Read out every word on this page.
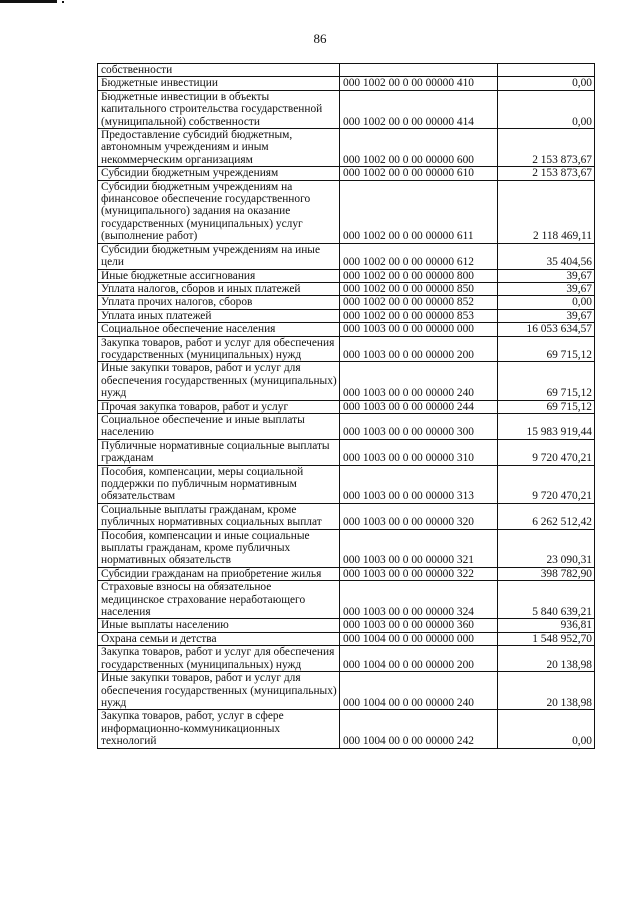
86
собственности		
Бюджетные инвестиции	000 1002 00 0 00 00000 410	0,00
Бюджетные инвестиции в объекты капитального строительства государственной (муниципальной) собственности	000 1002 00 0 00 00000 414	0,00
Предоставление субсидий бюджетным, автономным учреждениям и иным некоммерческим организациям	000 1002 00 0 00 00000 600	2 153 873,67
Субсидии бюджетным учреждениям	000 1002 00 0 00 00000 610	2 153 873,67
Субсидии бюджетным учреждениям на финансовое обеспечение государственного (муниципального) задания на оказание государственных (муниципальных) услуг (выполнение работ)	000 1002 00 0 00 00000 611	2 118 469,11
Субсидии бюджетным учреждениям на иные цели	000 1002 00 0 00 00000 612	35 404,56
Иные бюджетные ассигнования	000 1002 00 0 00 00000 800	39,67
Уплата налогов, сборов и иных платежей	000 1002 00 0 00 00000 850	39,67
Уплата прочих налогов, сборов	000 1002 00 0 00 00000 852	0,00
Уплата иных платежей	000 1002 00 0 00 00000 853	39,67
Социальное обеспечение населения	000 1003 00 0 00 00000 000	16 053 634,57
Закупка товаров, работ и услуг для обеспечения государственных (муниципальных) нужд	000 1003 00 0 00 00000 200	69 715,12
Иные закупки товаров, работ и услуг для обеспечения государственных (муниципальных) нужд	000 1003 00 0 00 00000 240	69 715,12
Прочая закупка товаров, работ и услуг	000 1003 00 0 00 00000 244	69 715,12
Социальное обеспечение и иные выплаты населению	000 1003 00 0 00 00000 300	15 983 919,44
Публичные нормативные социальные выплаты гражданам	000 1003 00 0 00 00000 310	9 720 470,21
Пособия, компенсации, меры социальной поддержки по публичным нормативным обязательствам	000 1003 00 0 00 00000 313	9 720 470,21
Социальные выплаты гражданам, кроме публичных нормативных социальных выплат	000 1003 00 0 00 00000 320	6 262 512,42
Пособия, компенсации и иные социальные выплаты гражданам, кроме публичных нормативных обязательств	000 1003 00 0 00 00000 321	23 090,31
Субсидии гражданам на приобретение жилья	000 1003 00 0 00 00000 322	398 782,90
Страховые взносы на обязательное медицинское страхование неработающего населения	000 1003 00 0 00 00000 324	5 840 639,21
Иные выплаты населению	000 1003 00 0 00 00000 360	936,81
Охрана семьи и детства	000 1004 00 0 00 00000 000	1 548 952,70
Закупка товаров, работ и услуг для обеспечения государственных (муниципальных) нужд	000 1004 00 0 00 00000 200	20 138,98
Иные закупки товаров, работ и услуг для обеспечения государственных (муниципальных) нужд	000 1004 00 0 00 00000 240	20 138,98
Закупка товаров, работ, услуг в сфере информационно-коммуникационных технологий	000 1004 00 0 00 00000 242	0,00
